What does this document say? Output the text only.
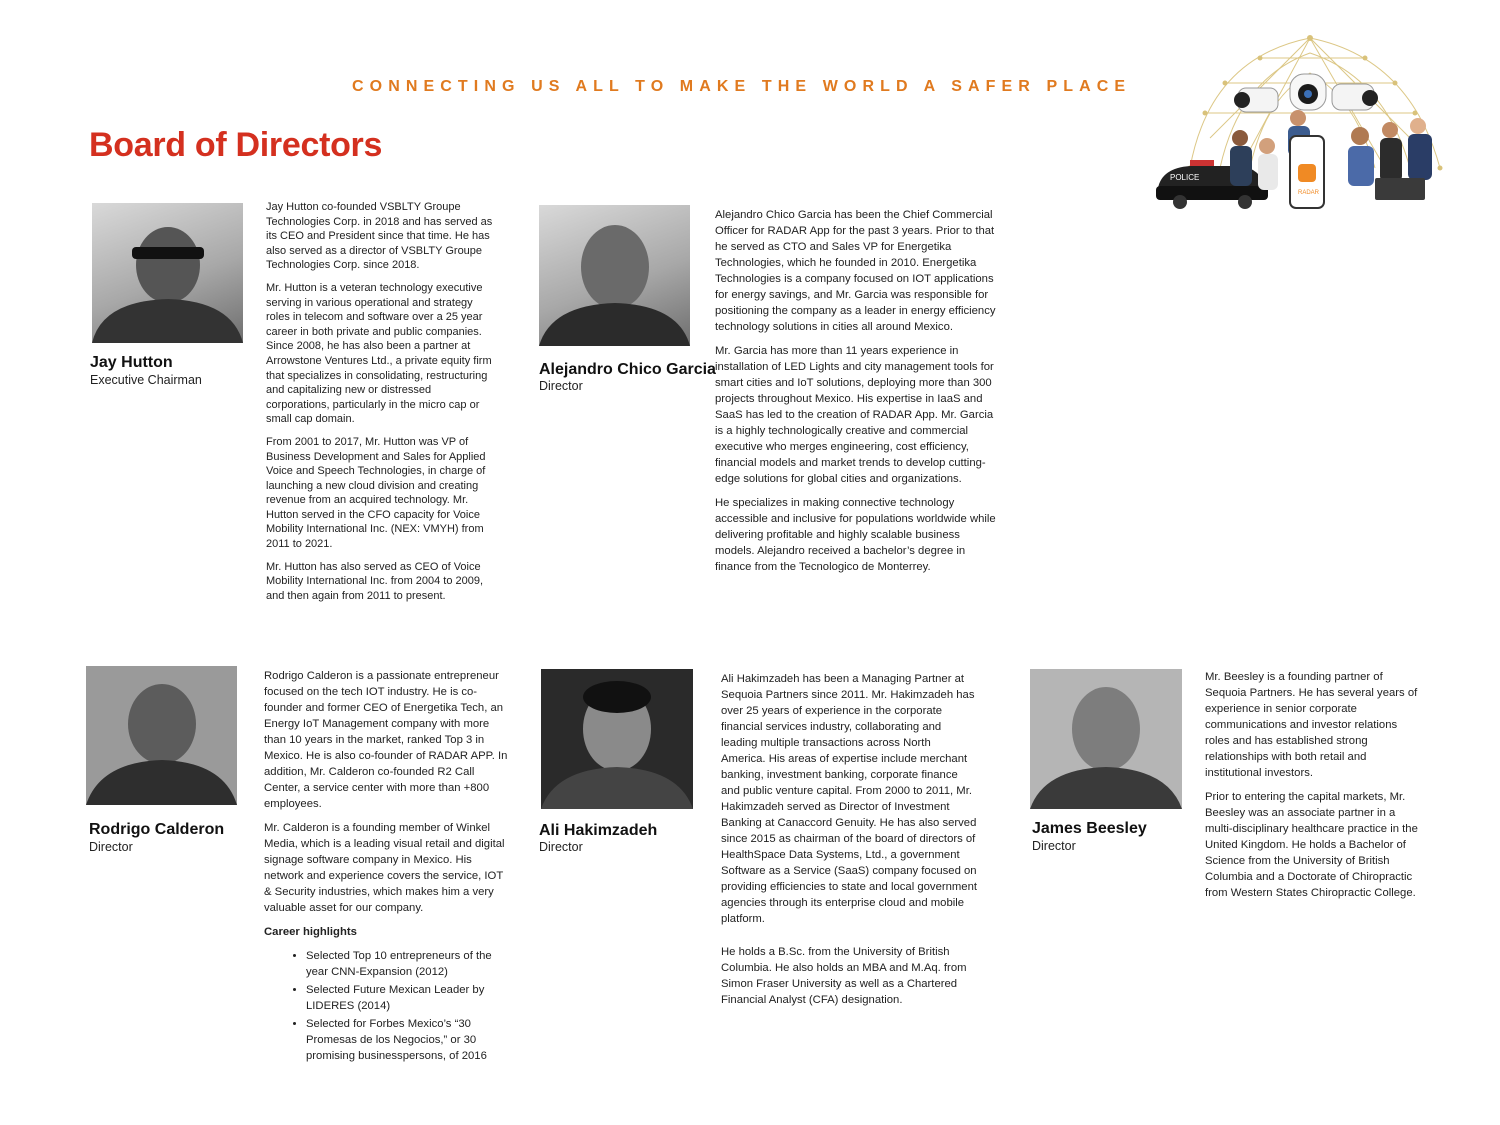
CONNECTING US ALL TO MAKE THE WORLD A SAFER PLACE
Board of Directors
POLICE
RADAR
Jay Hutton
Executive Chairman

Jay Hutton co-founded VSBLTY Groupe Technologies Corp. in 2018 and has served as its CEO and President since that time. He has also served as a director of VSBLTY Groupe Technologies Corp. since 2018.

Mr. Hutton is a veteran technology executive serving in various operational and strategy roles in telecom and software over a 25 year career in both private and public companies. Since 2008, he has also been a partner at Arrowstone Ventures Ltd., a private equity firm that specializes in consolidating, restructuring and capitalizing new or distressed corporations, particularly in the micro cap or small cap domain.

From 2001 to 2017, Mr. Hutton was VP of Business Development and Sales for Applied Voice and Speech Technologies, in charge of launching a new cloud division and creating revenue from an acquired technology. Mr. Hutton served in the CFO capacity for Voice Mobility International Inc. (NEX: VMYH) from 2011 to 2021.

Mr. Hutton has also served as CEO of Voice Mobility International Inc. from 2004 to 2009, and then again from 2011 to present.

Alejandro Chico Garcia
Director

Alejandro Chico Garcia has been the Chief Commercial Officer for RADAR App for the past 3 years. Prior to that he served as CTO and Sales VP for Energetika Technologies, which he founded in 2010. Energetika Technologies is a company focused on IOT applications for energy savings, and Mr. Garcia was responsible for positioning the company as a leader in energy efficiency technology solutions in cities all around Mexico.

Mr. Garcia has more than 11 years experience in installation of LED Lights and city management tools for smart cities and IoT solutions, deploying more than 300 projects throughout Mexico. His expertise in IaaS and SaaS has led to the creation of RADAR App. Mr. Garcia is a highly technologically creative and commercial executive who merges engineering, cost efficiency, financial models and market trends to develop cutting-edge solutions for global cities and organizations.

He specializes in making connective technology accessible and inclusive for populations worldwide while delivering profitable and highly scalable business models. Alejandro received a bachelor’s degree in finance from the Tecnologico de Monterrey.

Rodrigo Calderon
Director

Rodrigo Calderon is a passionate entrepreneur focused on the tech IOT industry. He is co-founder and former CEO of Energetika Tech, an Energy IoT Management company with more than 10 years in the market, ranked Top 3 in Mexico. He is also co-founder of RADAR APP. In addition, Mr. Calderon co-founded R2 Call Center, a service center with more than +800 employees.

Mr. Calderon is a founding member of Winkel Media, which is a leading visual retail and digital signage software company in Mexico. His network and experience covers the service, IOT & Security industries, which makes him a very valuable asset for our company.

Career highlights

• Selected Top 10 entrepreneurs of the year CNN-Expansion (2012)
• Selected Future Mexican Leader by LIDERES (2014)
• Selected for Forbes Mexico’s “30 Promesas de los Negocios,” or 30 promising businesspersons, of 2016
Ali Hakimzadeh
Director

Ali Hakimzadeh has been a Managing Partner at Sequoia Partners since 2011. Mr. Hakimzadeh has over 25 years of experience in the corporate financial services industry, collaborating and leading multiple transactions across North America. His areas of expertise include merchant banking, investment banking, corporate finance and public venture capital. From 2000 to 2011, Mr. Hakimzadeh served as Director of Investment Banking at Canaccord Genuity. He has also served since 2015 as chairman of the board of directors of HealthSpace Data Systems, Ltd., a government Software as a Service (SaaS) company focused on providing efficiencies to state and local government agencies through its enterprise cloud and mobile platform.

He holds a B.Sc. from the University of British Columbia. He also holds an MBA and M.Aq. from Simon Fraser University as well as a Chartered Financial Analyst (CFA) designation.

James Beesley
Director

Mr. Beesley is a founding partner of Sequoia Partners. He has several years of experience in senior corporate communications and investor relations roles and has established strong relationships with both retail and institutional investors.

Prior to entering the capital markets, Mr. Beesley was an associate partner in a multi-disciplinary healthcare practice in the United Kingdom. He holds a Bachelor of Science from the University of British Columbia and a Doctorate of Chiropractic from Western States Chiropractic College.
